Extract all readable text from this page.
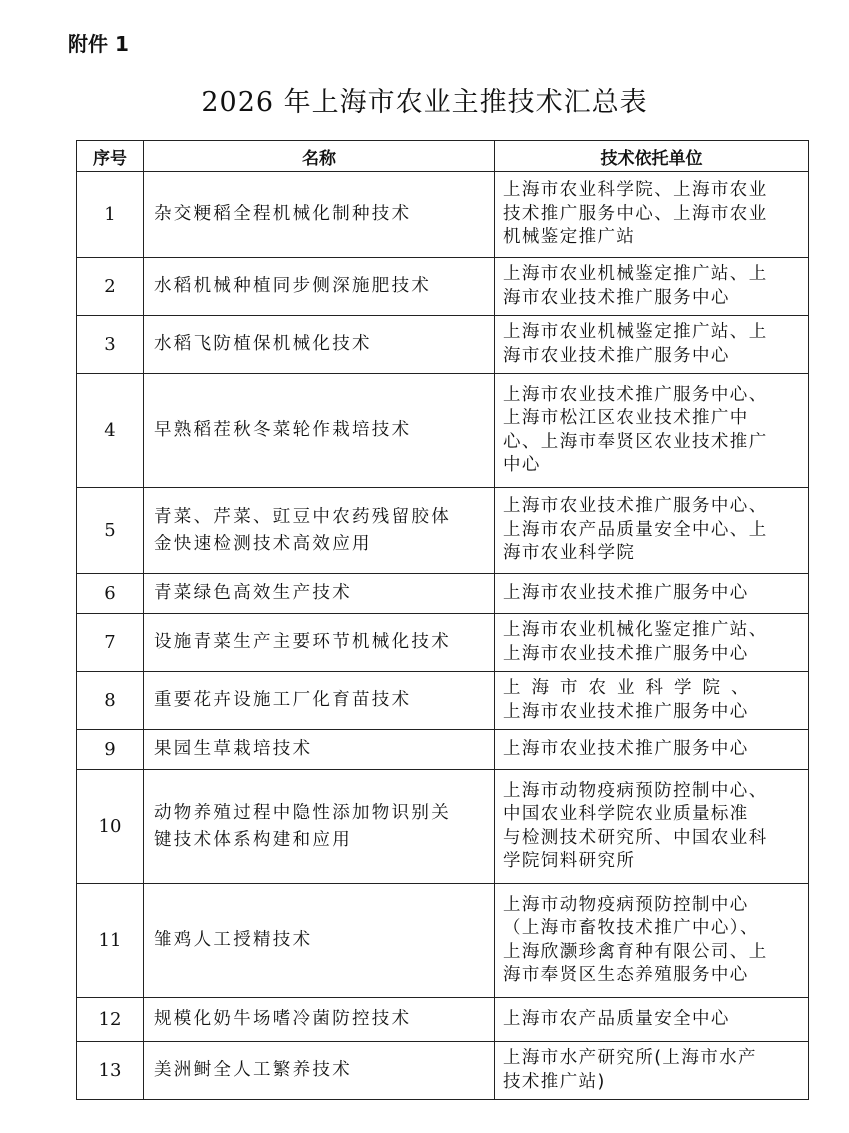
附件 1
2026 年上海市农业主推技术汇总表
序号	名称	技术依托单位
1	杂交粳稻全程机械化制种技术	上海市农业科学院、上海市农业
技术推广服务中心、上海市农业
机械鉴定推广站

2	水稻机械种植同步侧深施肥技术	上海市农业机械鉴定推广站、上
海市农业技术推广服务中心

3	水稻飞防植保机械化技术	上海市农业机械鉴定推广站、上
海市农业技术推广服务中心

4	早熟稻茬秋冬菜轮作栽培技术	上海市农业技术推广服务中心、
上海市松江区农业技术推广中
心、上海市奉贤区农业技术推广
中心

5	青菜、芹菜、豇豆中农药残留胶体
金快速检测技术高效应用	上海市农业技术推广服务中心、
上海市农产品质量安全中心、上
海市农业科学院

6	青菜绿色高效生产技术	上海市农业技术推广服务中心

7	设施青菜生产主要环节机械化技术	上海市农业机械化鉴定推广站、
上海市农业技术推广服务中心

8	重要花卉设施工厂化育苗技术	上海市农业科学院、
上海市农业技术推广服务中心

9	果园生草栽培技术	上海市农业技术推广服务中心

10	动物养殖过程中隐性添加物识别关
键技术体系构建和应用	上海市动物疫病预防控制中心、
中国农业科学院农业质量标准
与检测技术研究所、中国农业科
学院饲料研究所

11	雏鸡人工授精技术	上海市动物疫病预防控制中心
（上海市畜牧技术推广中心）、
上海欣灏珍禽育种有限公司、上
海市奉贤区生态养殖服务中心

12	规模化奶牛场嗜冷菌防控技术	上海市农产品质量安全中心

13	美洲鲥全人工繁养技术	上海市水产研究所(上海市水产
技术推广站)
